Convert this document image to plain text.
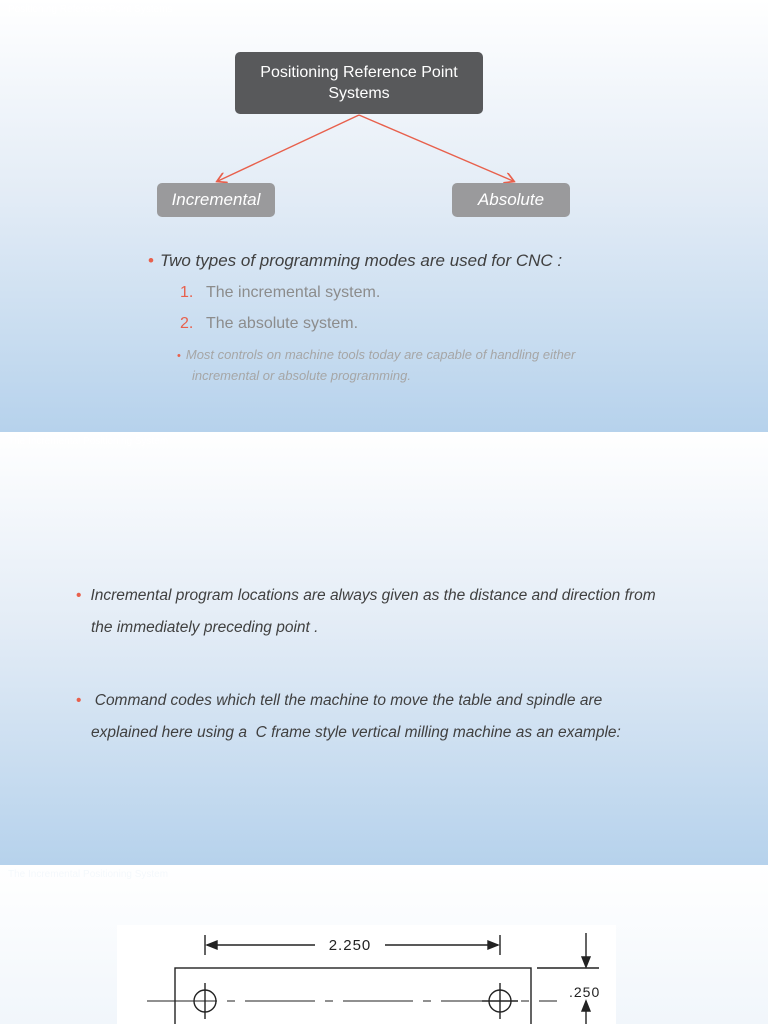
Positioning Reference Point Systems
Positioning Reference Point Systems
Incremental	Absolute
• Two types of programming modes are used for CNC :
1. The incremental system.
2. The absolute system.
• Most controls on machine tools today are capable of handling either
incremental or absolute programming.
The Incremental Positioning System
• Incremental program locations are always given as the distance and direction from
the immediately preceding point .
• Command codes which tell the machine to move the table and spindle are
explained here using a  C frame style vertical milling machine as an example:
The Incremental Positioning System
2.250
.250
